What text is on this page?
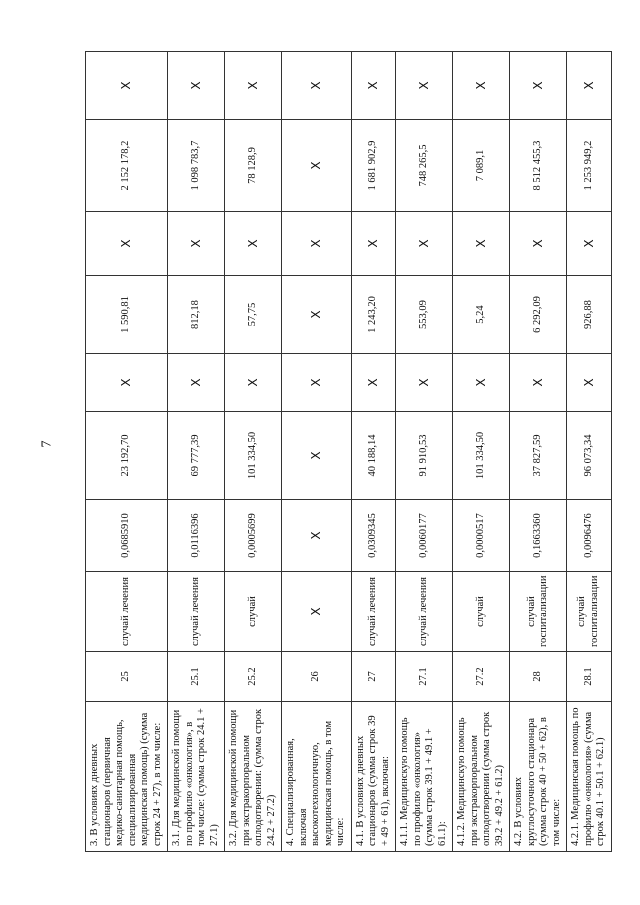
7
3. В условиях дневных стационаров (первичная медико-санитарная помощь, специализированная медицинская помощь) (сумма строк 24 + 27), в том числе:	25	случай лечения	0,0685910	23 192,70	Х	1 590,81	Х	2 152 178,2	Х
3.1. Для медицинской помощи по профилю «онкология», в том числе: (сумма строк 24.1 + 27.1)	25.1	случай лечения	0,0116396	69 777,39	Х	812,18	Х	1 098 783,7	Х
3.2. Для медицинской помощи при экстракорпоральном оплодотворении: (сумма строк 24.2 + 27.2)	25.2	случай	0,0005699	101 334,50	Х	57,75	Х	78 128,9	Х
4. Специализированная, включая высокотехнологичную, медицинская помощь, в том числе:	26	Х	Х	Х	Х	Х	Х	Х	Х
4.1. В условиях дневных стационаров (сумма строк 39 + 49 + 61), включая:	27	случай лечения	0,0309345	40 188,14	Х	1 243,20	Х	1 681 902,9	Х
4.1.1. Медицинскую помощь по профилю «онкология» (сумма строк 39.1 + 49.1 + 61.1):	27.1	случай лечения	0,0060177	91 910,53	Х	553,09	Х	748 265,5	Х
4.1.2. Медицинскую помощь при экстракорпоральном оплодотворении (сумма строк 39.2 + 49.2 + 61.2)	27.2	случай	0,0000517	101 334,50	Х	5,24	Х	7 089,1	Х
4.2. В условиях круглосуточного стационара (сумма строк 40 + 50 + 62), в том числе:	28	случай госпитализации	0,1663360	37 827,59	Х	6 292,09	Х	8 512 455,3	Х
4.2.1. Медицинская помощь по профилю «онкология» (сумма строк 40.1 + 50.1 + 62.1)	28.1	случай госпитализации	0,0096476	96 073,34	Х	926,88	Х	1 253 949,2	Х
